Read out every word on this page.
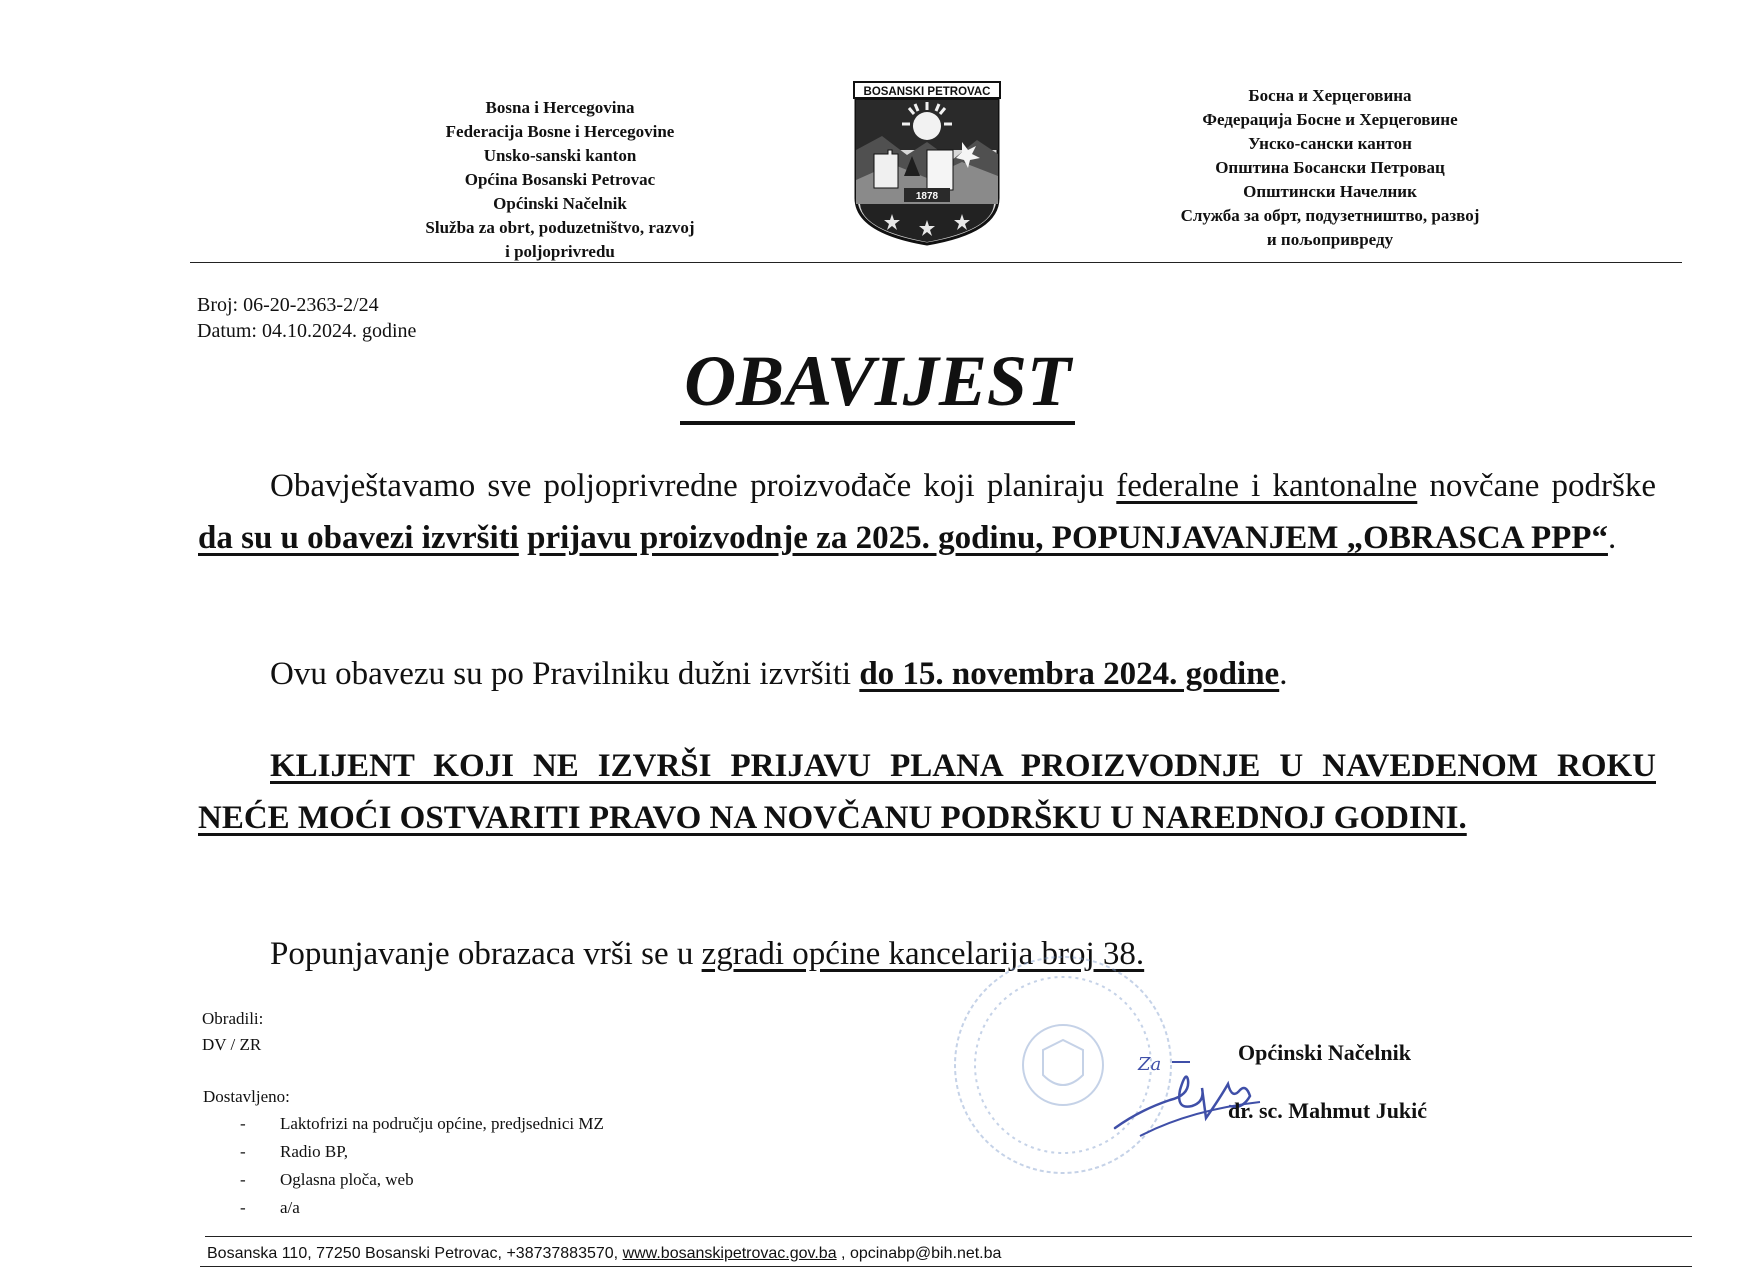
Bosna i Hercegovina
Federacija Bosne i Hercegovine
Unsko-sanski kanton
Općina Bosanski Petrovac
Općinski Načelnik
Služba za obrt, poduzetništvo, razvoj
i poljoprivredu
BOSANSKI PETROVAC
1878
Босна и Херцеговина
Федерација Босне и Херцеговине
Унско-сански кантон
Општина Босански Петровац
Општински Начелник
Служба за обрт, подузетништво, развој
и пољопривреду
Broj: 06-20-2363-2/24
Datum: 04.10.2024. godine
OBAVIJEST
Obavještavamo sve poljoprivredne proizvođače koji planiraju federalne i kantonalne novčane podrške da su u obavezi izvršiti prijavu proizvodnje za 2025. godinu, POPUNJAVANJEM „OBRASCA PPP“.
Ovu obavezu su po Pravilniku dužni izvršiti do 15. novembra 2024. godine.
KLIJENT KOJI NE IZVRŠI PRIJAVU PLANA PROIZVODNJE U NAVEDENOM ROKU NEĆE MOĆI OSTVARITI PRAVO NA NOVČANU PODRŠKU U NAREDNOJ GODINI.
Popunjavanje obrazaca vrši se u zgradi općine kancelarija broj 38.
Obradili:
DV / ZR
Dostavljeno:
- Laktofrizi na području općine, predjsednici MZ
- Radio BP,
- Oglasna ploča, web
- a/a
Za	Općinski Načelnik
dr. sc. Mahmut Jukić
Bosanska 110, 77250 Bosanski Petrovac, +38737883570, www.bosanskipetrovac.gov.ba , opcinabp@bih.net.ba
